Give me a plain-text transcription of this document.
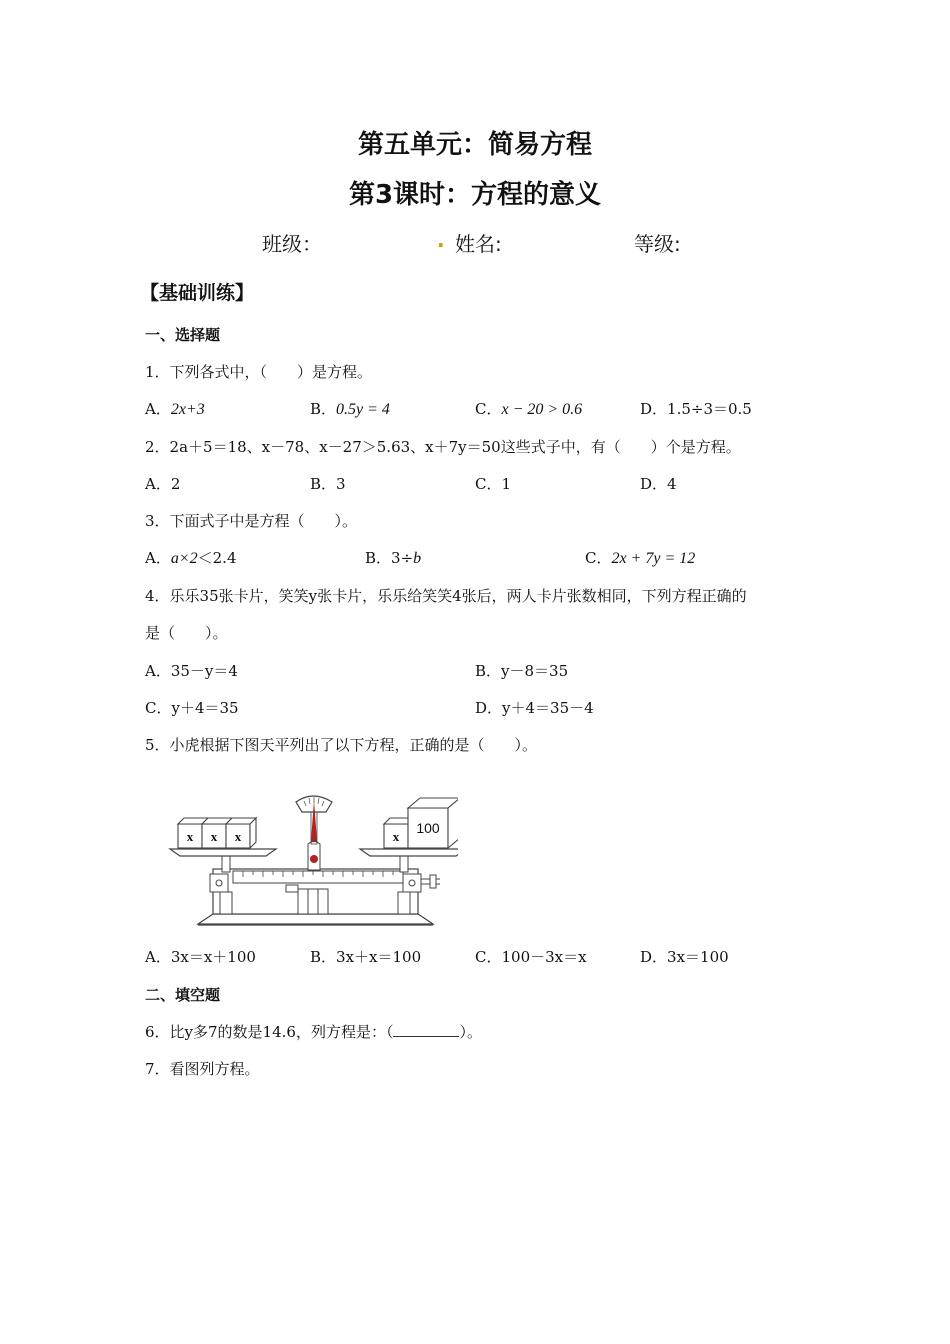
第五单元：简易方程
第3课时：方程的意义
班级：	. 姓名:	等级:
【基础训练】
一、选择题
1．下列各式中，（　　）是方程。
A．2x+3	B．0.5y = 4	C．x − 20 > 0.6	D．1.5÷3＝0.5
2．2a＋5＝18、x－78、x－27＞5.63、x＋7y＝50这些式子中，有（　　）个是方程。
A．2	B．3	C．1	D．4
3．下面式子中是方程（　　）。
A．a×2＜2.4	B．3÷b	C．2x + 7y = 12
4．乐乐35张卡片，笑笑y张卡片，乐乐给笑笑4张后，两人卡片张数相同，下列方程正确的
是（　　）。
A．35－y＝4	B．y－8＝35
C．y＋4＝35	D．y＋4＝35－4
5．小虎根据下图天平列出了以下方程，正确的是（　　）。
x x x	x
100
A．3x＝x＋100	B．3x＋x＝100	C．100－3x＝x	D．3x＝100
二、填空题
6．比y多7的数是14.6，列方程是：（	）。
7．看图列方程。
